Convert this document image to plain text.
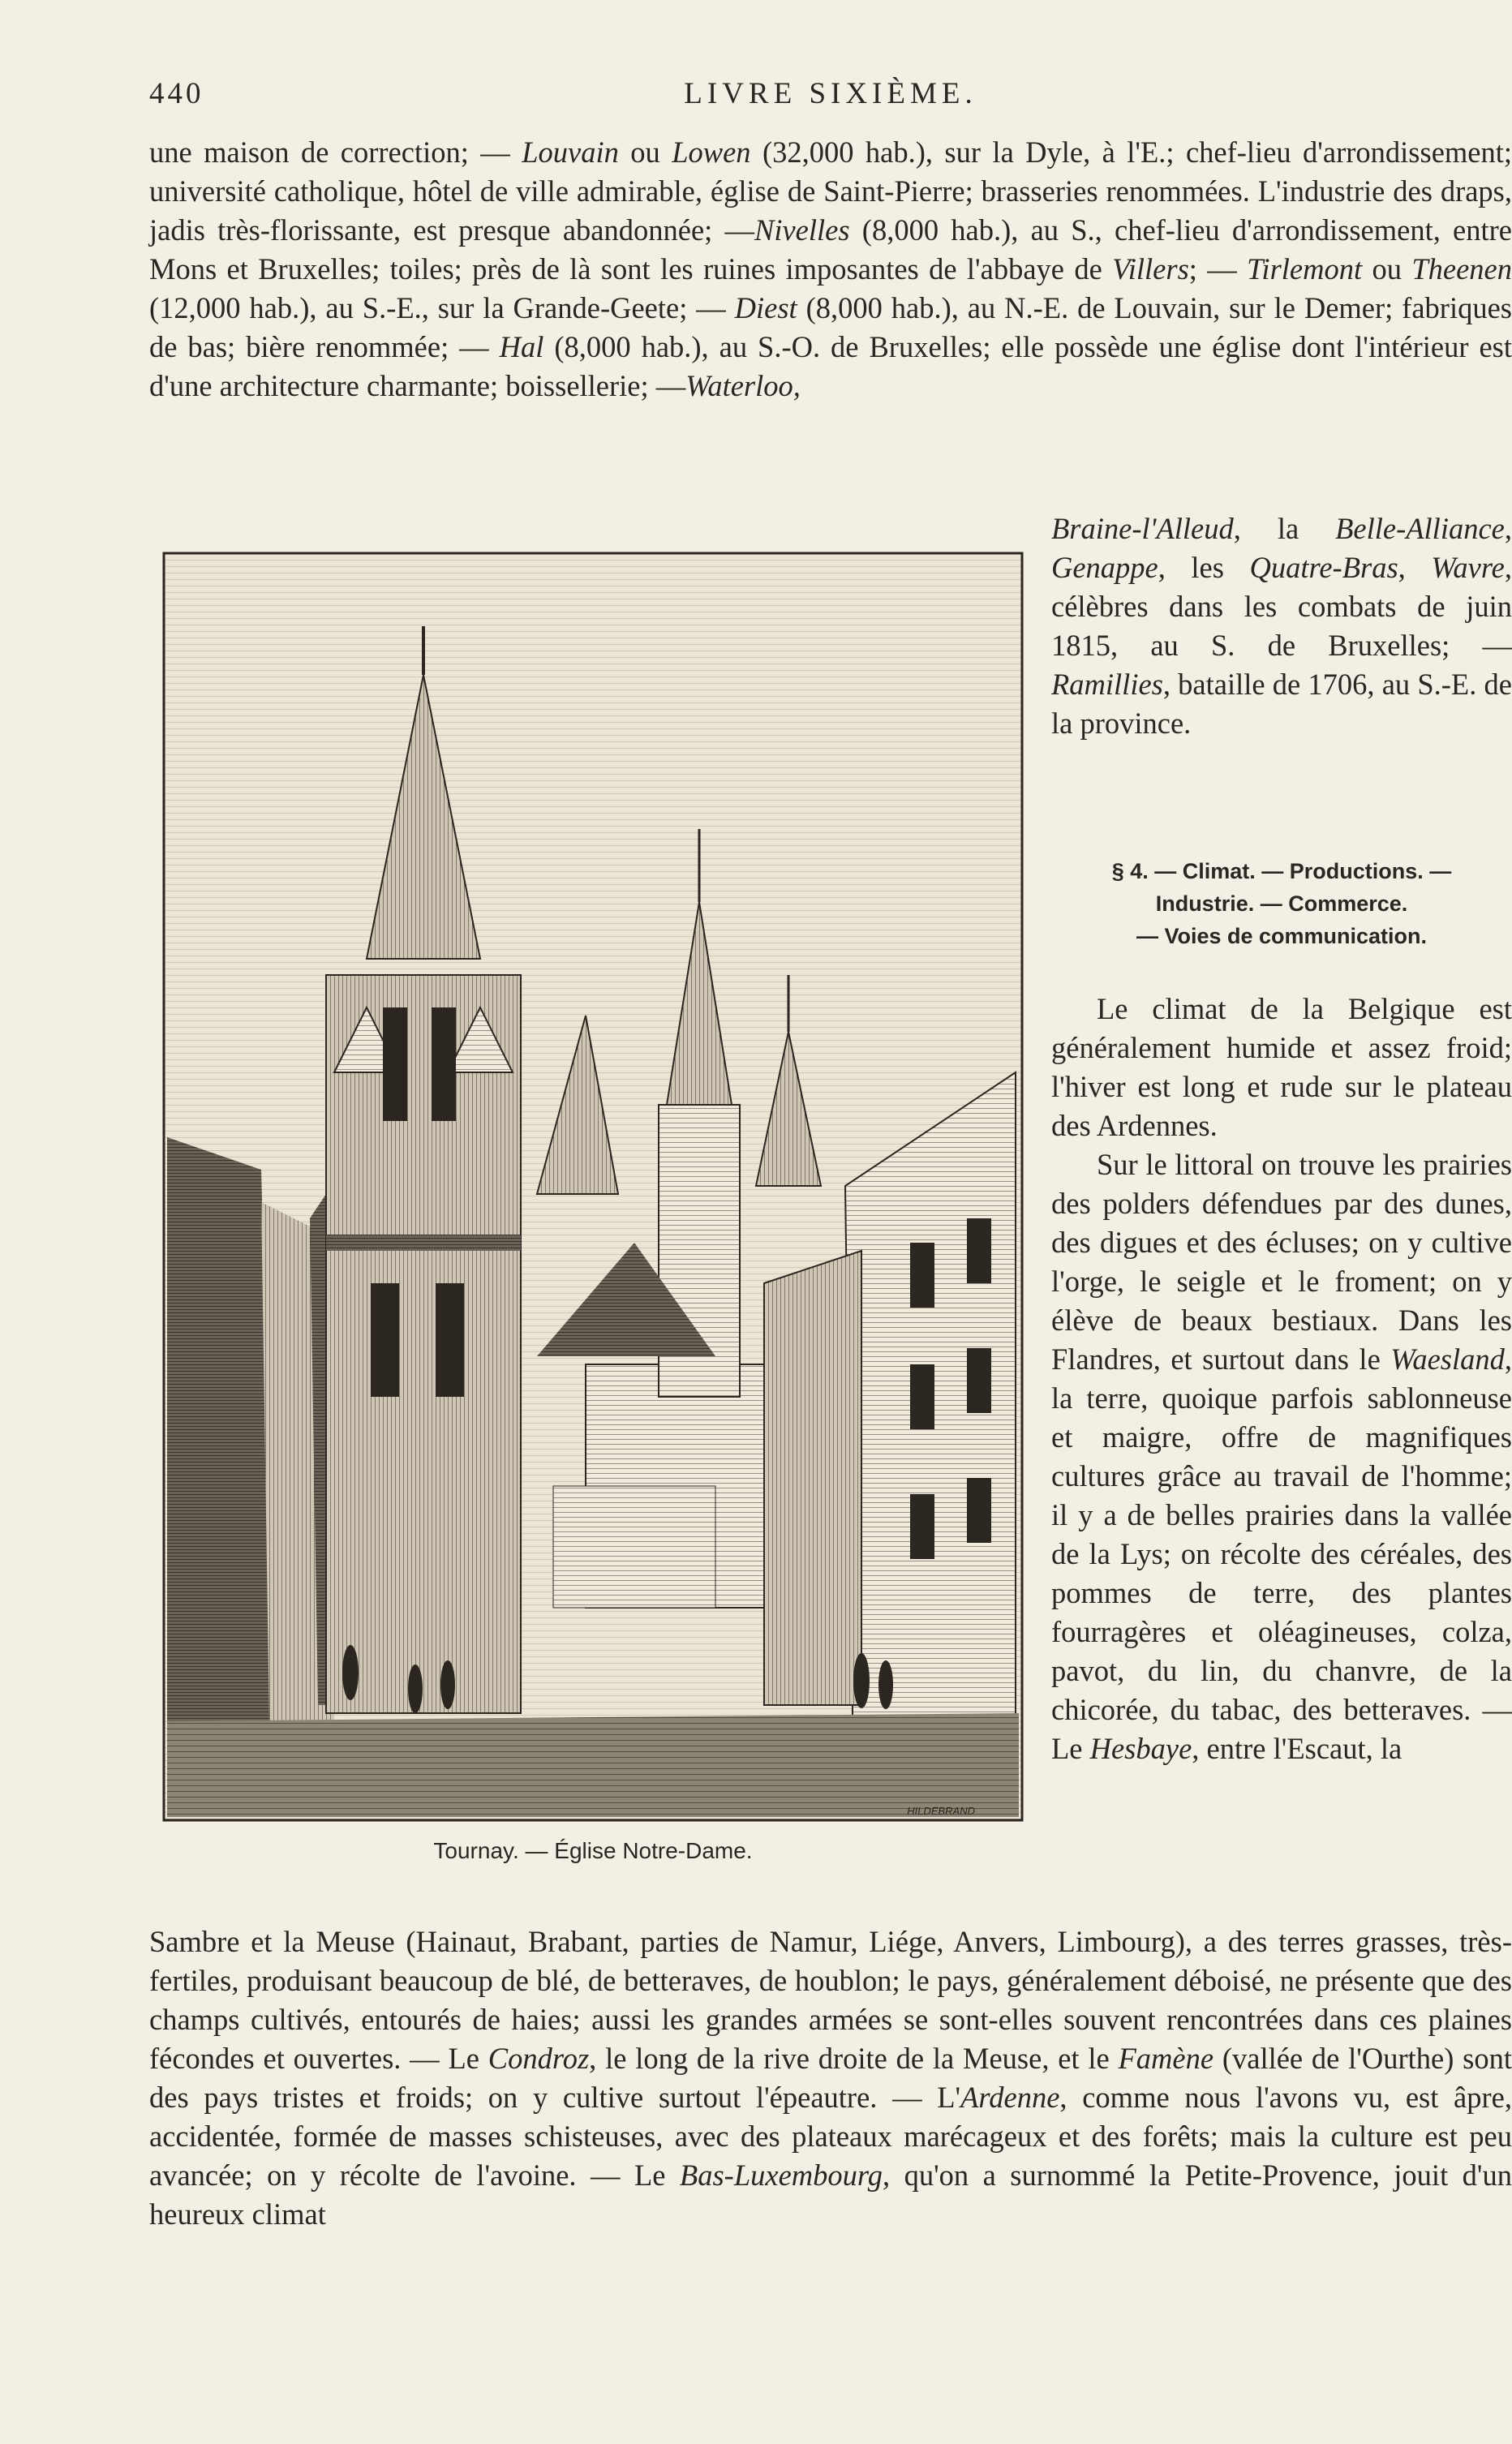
440	LIVRE SIXIÈME.

une maison de correction; — Louvain ou Lowen (32,000 hab.), sur la Dyle, à l'E.; chef-lieu d'arrondissement; université catholique, hôtel de ville admirable, église de Saint-Pierre; brasseries renommées. L'industrie des draps, jadis très-florissante, est presque abandonnée; —Nivelles (8,000 hab.), au S., chef-lieu d'arrondissement, entre Mons et Bruxelles; toiles; près de là sont les ruines imposantes de l'abbaye de Villers; — Tirlemont ou Theenen (12,000 hab.), au S.-E., sur la Grande-Geete; — Diest (8,000 hab.), au N.-E. de Louvain, sur le Demer; fabriques de bas; bière renommée; — Hal (8,000 hab.), au S.-O. de Bruxelles; elle possède une église dont l'intérieur est d'une architecture charmante; boissellerie; —Waterloo,

Braine-l'Alleud, la Belle-Alliance, Genappe, les Quatre-Bras, Wavre, célèbres dans les combats de juin 1815, au S. de Bruxelles; — Ramillies, bataille de 1706, au S.-E. de la province.
§ 4. — Climat. — Productions. —
Industrie. — Commerce.
— Voies de communication.

Le climat de la Belgique est généralement humide et assez froid; l'hiver est long et rude sur le plateau des Ardennes.

Sur le littoral on trouve les prairies des polders défendues par des dunes, des digues et des écluses; on y cultive l'orge, le seigle et le froment; on y élève de beaux bestiaux. Dans les Flandres, et surtout dans le Waesland, la terre, quoique parfois sablonneuse et maigre, offre de magnifiques cultures grâce au travail de l'homme; il y a de belles prairies dans la vallée de la Lys; on récolte des céréales, des pommes de terre, des plantes fourragères et oléagineuses, colza, pavot, du lin, du chanvre, de la chicorée, du tabac, des betteraves. — Le Hesbaye, entre l'Escaut, la

HILDEBRAND
Tournay. — Église Notre-Dame.

Sambre et la Meuse (Hainaut, Brabant, parties de Namur, Liége, Anvers, Limbourg), a des terres grasses, très-fertiles, produisant beaucoup de blé, de betteraves, de houblon; le pays, généralement déboisé, ne présente que des champs cultivés, entourés de haies; aussi les grandes armées se sont-elles souvent rencontrées dans ces plaines fécondes et ouvertes. — Le Condroz, le long de la rive droite de la Meuse, et le Famène (vallée de l'Ourthe) sont des pays tristes et froids; on y cultive surtout l'épeautre. — L'Ardenne, comme nous l'avons vu, est âpre, accidentée, formée de masses schisteuses, avec des plateaux marécageux et des forêts; mais la culture est peu avancée; on y récolte de l'avoine. — Le Bas-Luxembourg, qu'on a surnommé la Petite-Provence, jouit d'un heureux climat
